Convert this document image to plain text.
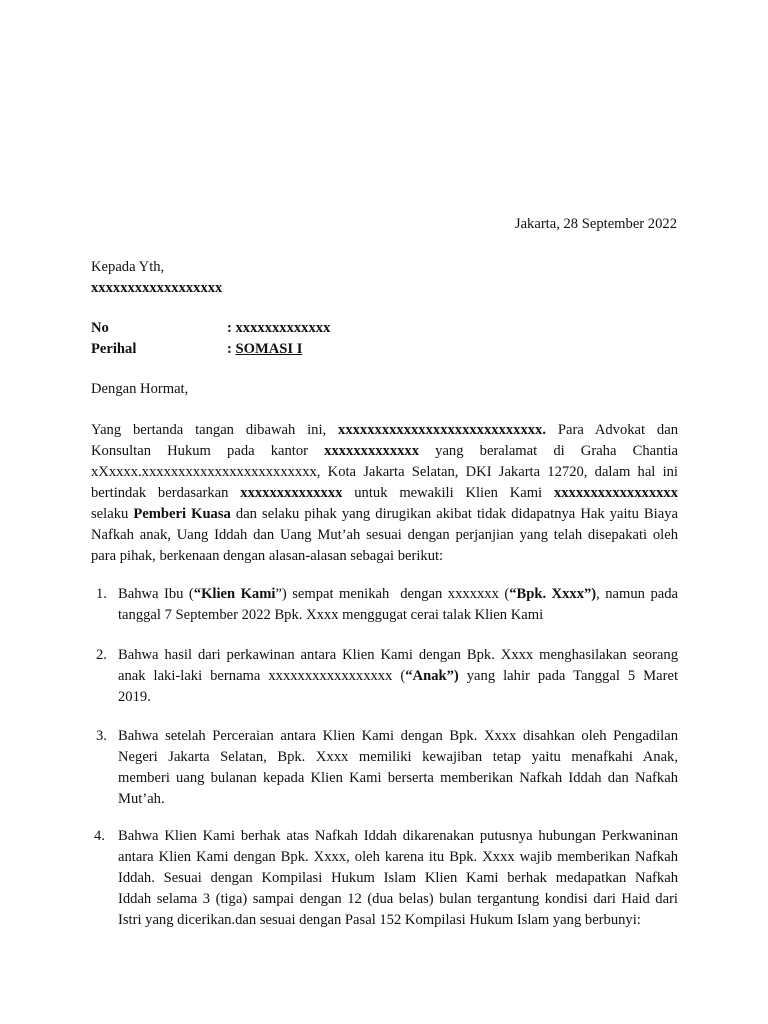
Jakarta, 28 September 2022
Kepada Yth,
xxxxxxxxxxxxxxxxxx
No	: xxxxxxxxxxxxx
Perihal	: SOMASI I
Dengan Hormat,
Yang bertanda tangan dibawah ini, xxxxxxxxxxxxxxxxxxxxxxxxxxxx. Para Advokat dan
Konsultan Hukum pada kantor xxxxxxxxxxxxx yang beralamat di Graha Chantia
xXxxxx.xxxxxxxxxxxxxxxxxxxxxxxx, Kota Jakarta Selatan, DKI Jakarta 12720, dalam hal ini
bertindak berdasarkan xxxxxxxxxxxxxx untuk mewakili Klien Kami xxxxxxxxxxxxxxxxx
selaku Pemberi Kuasa dan selaku pihak yang dirugikan akibat tidak didapatnya Hak yaitu Biaya
Nafkah anak, Uang Iddah dan Uang Mut’ah sesuai dengan perjanjian yang telah disepakati oleh
para pihak, berkenaan dengan alasan-alasan sebagai berikut:
1. Bahwa Ibu (“Klien Kami”) sempat menikah  dengan xxxxxxx (“Bpk. Xxxx”), namun pada
tanggal 7 September 2022 Bpk. Xxxx menggugat cerai talak Klien Kami
2. Bahwa hasil dari perkawinan antara Klien Kami dengan Bpk. Xxxx menghasilakan seorang
anak laki-laki bernama xxxxxxxxxxxxxxxxx (“Anak”) yang lahir pada Tanggal 5 Maret
2019.
3. Bahwa setelah Perceraian antara Klien Kami dengan Bpk. Xxxx disahkan oleh Pengadilan
Negeri Jakarta Selatan, Bpk. Xxxx memiliki kewajiban tetap yaitu menafkahi Anak,
memberi uang bulanan kepada Klien Kami berserta memberikan Nafkah Iddah dan Nafkah
Mut’ah.
4. Bahwa Klien Kami berhak atas Nafkah Iddah dikarenakan putusnya hubungan Perkwaninan
antara Klien Kami dengan Bpk. Xxxx, oleh karena itu Bpk. Xxxx wajib memberikan Nafkah
Iddah. Sesuai dengan Kompilasi Hukum Islam Klien Kami berhak medapatkan Nafkah
Iddah selama 3 (tiga) sampai dengan 12 (dua belas) bulan tergantung kondisi dari Haid dari
Istri yang dicerikan.dan sesuai dengan Pasal 152 Kompilasi Hukum Islam yang berbunyi:
